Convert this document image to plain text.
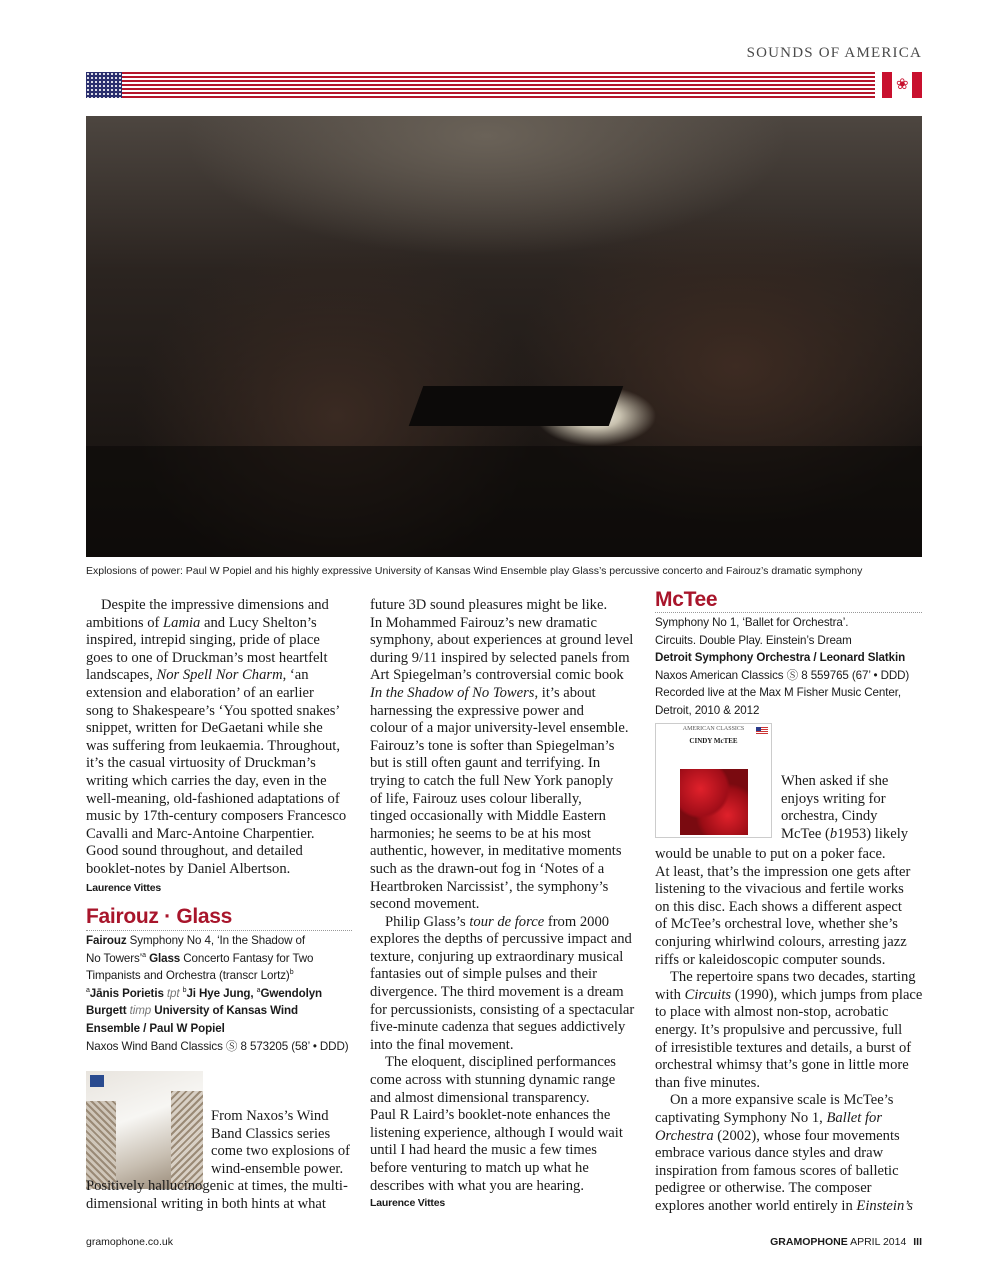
SOUNDS OF AMERICA
❀
Explosions of power: Paul W Popiel and his highly expressive University of Kansas Wind Ensemble play Glass’s percussive concerto and Fairouz’s dramatic symphony
Despite the impressive dimensions and
ambitions of Lamia and Lucy Shelton’s
inspired, intrepid singing, pride of place
goes to one of Druckman’s most heartfelt
landscapes, Nor Spell Nor Charm, ‘an
extension and elaboration’ of an earlier
song to Shakespeare’s ‘You spotted snakes’
snippet, written for DeGaetani while she
was suffering from leukaemia. Throughout,
it’s the casual virtuosity of Druckman’s
writing which carries the day, even in the
well-meaning, old-fashioned adaptations of
music by 17th-century composers Francesco
Cavalli and Marc-Antoine Charpentier.
Good sound throughout, and detailed
booklet-notes by Daniel Albertson.
Laurence Vittes
Fairouz · Glass
Fairouz Symphony No 4, ‘In the Shadow of
No Towers’$^a$ Glass Concerto Fantasy for Two
Timpanists and Orchestra (transcr Lortz)$^b$
$^a$Jānis Porietis tpt $^b$Ji Hye Jung, $^a$Gwendolyn
Burgett timp University of Kansas Wind
Ensemble / Paul W Popiel
Naxos Wind Band Classics Ⓢ 8 573205 (58’ • DDD)
From Naxos’s Wind
Band Classics series
come two explosions of
wind-ensemble power.
Positively hallucinogenic at times, the multi-
dimensional writing in both hints at what
future 3D sound pleasures might be like.
In Mohammed Fairouz’s new dramatic
symphony, about experiences at ground level
during 9/11 inspired by selected panels from
Art Spiegelman’s controversial comic book
In the Shadow of No Towers, it’s about
harnessing the expressive power and
colour of a major university-level ensemble.
Fairouz’s tone is softer than Spiegelman’s
but is still often gaunt and terrifying. In
trying to catch the full New York panoply
of life, Fairouz uses colour liberally,
tinged occasionally with Middle Eastern
harmonies; he seems to be at his most
authentic, however, in meditative moments
such as the drawn-out fog in ‘Notes of a
Heartbroken Narcissist’, the symphony’s
second movement.
Philip Glass’s tour de force from 2000
explores the depths of percussive impact and
texture, conjuring up extraordinary musical
fantasies out of simple pulses and their
divergence. The third movement is a dream
for percussionists, consisting of a spectacular
five-minute cadenza that segues addictively
into the final movement.
The eloquent, disciplined performances
come across with stunning dynamic range
and almost dimensional transparency.
Paul R Laird’s booklet-note enhances the
listening experience, although I would wait
until I had heard the music a few times
before venturing to match up what he
describes with what you are hearing.
Laurence Vittes
McTee
Symphony No 1, ‘Ballet for Orchestra’.
Circuits. Double Play. Einstein’s Dream
Detroit Symphony Orchestra / Leonard Slatkin
Naxos American Classics Ⓢ 8 559765 (67’ • DDD)
Recorded live at the Max M Fisher Music Center,
Detroit, 2010 & 2012
AMERICAN CLASSICS
CINDY McTEE
When asked if she
enjoys writing for
orchestra, Cindy
McTee (b1953) likely
would be unable to put on a poker face.
At least, that’s the impression one gets after
listening to the vivacious and fertile works
on this disc. Each shows a different aspect
of McTee’s orchestral love, whether she’s
conjuring whirlwind colours, arresting jazz
riffs or kaleidoscopic computer sounds.
The repertoire spans two decades, starting
with Circuits (1990), which jumps from place
to place with almost non-stop, acrobatic
energy. It’s propulsive and percussive, full
of irresistible textures and details, a burst of
orchestral whimsy that’s gone in little more
than five minutes.
On a more expansive scale is McTee’s
captivating Symphony No 1, Ballet for
Orchestra (2002), whose four movements
embrace various dance styles and draw
inspiration from famous scores of balletic
pedigree or otherwise. The composer
explores another world entirely in Einstein’s
gramophone.co.uk	GRAMOPHONE APRIL 2014 III
